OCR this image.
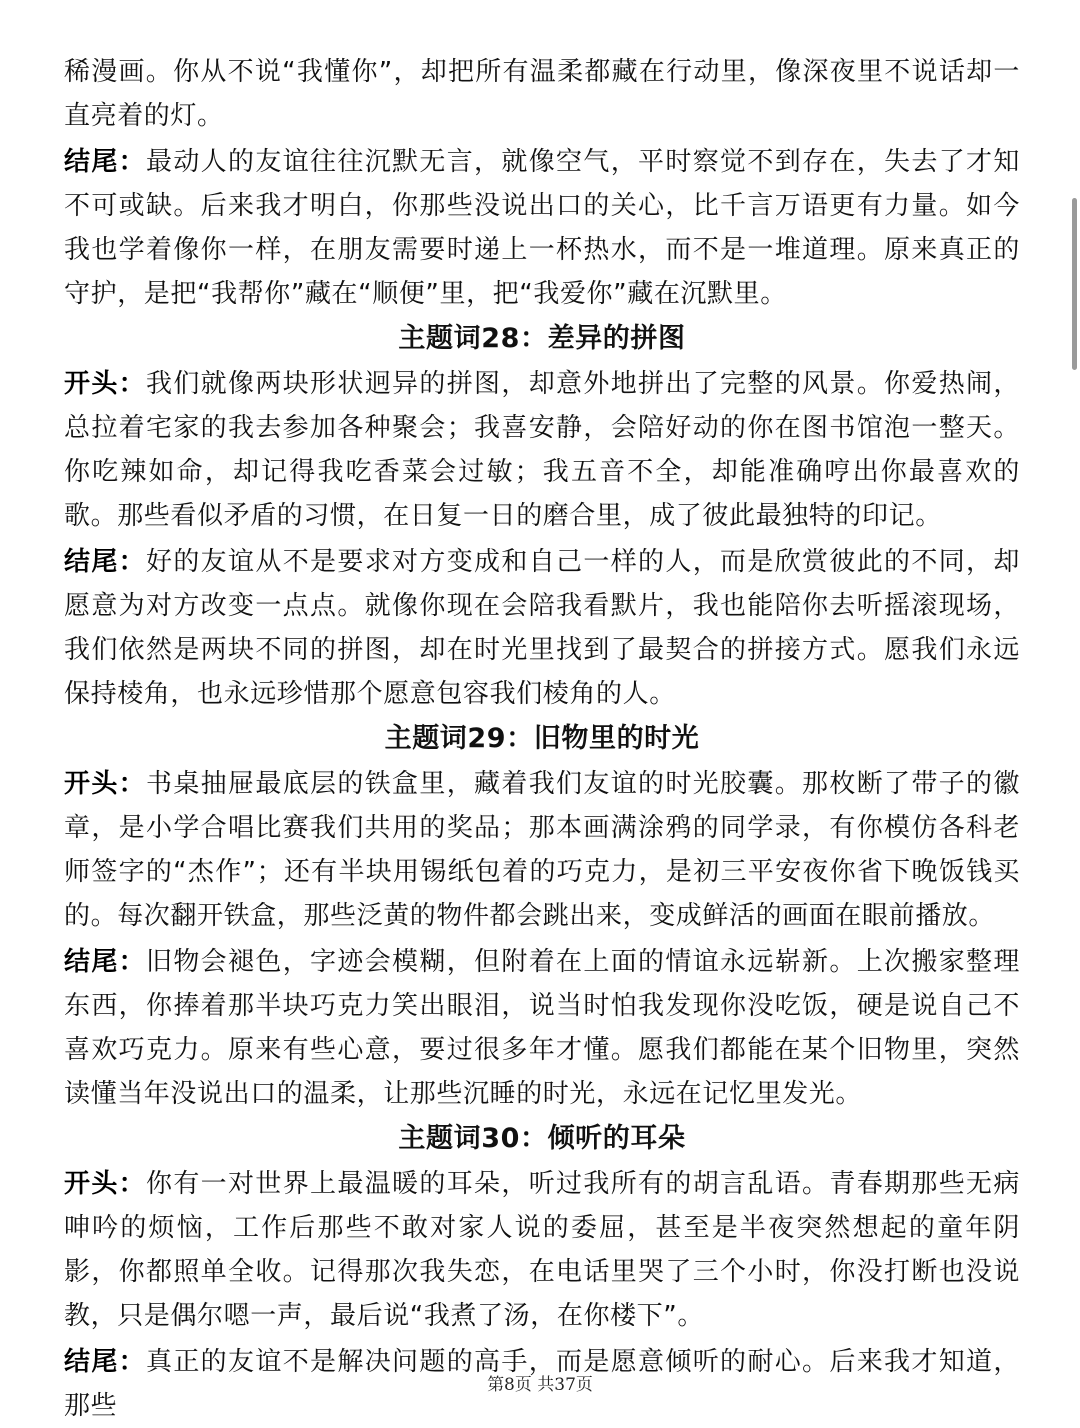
稀漫画。你从不说“我懂你”，却把所有温柔都藏在行动里，像深夜里不说话却一直亮着的灯。

结尾：最动人的友谊往往沉默无言，就像空气，平时察觉不到存在，失去了才知不可或缺。后来我才明白，你那些没说出口的关心，比千言万语更有力量。如今我也学着像你一样，在朋友需要时递上一杯热水，而不是一堆道理。原来真正的守护，是把“我帮你”藏在“顺便”里，把“我爱你”藏在沉默里。

主题词28：差异的拼图

开头：我们就像两块形状迥异的拼图，却意外地拼出了完整的风景。你爱热闹，总拉着宅家的我去参加各种聚会；我喜安静，会陪好动的你在图书馆泡一整天。你吃辣如命，却记得我吃香菜会过敏；我五音不全，却能准确哼出你最喜欢的歌。那些看似矛盾的习惯，在日复一日的磨合里，成了彼此最独特的印记。

结尾：好的友谊从不是要求对方变成和自己一样的人，而是欣赏彼此的不同，却愿意为对方改变一点点。就像你现在会陪我看默片，我也能陪你去听摇滚现场，我们依然是两块不同的拼图，却在时光里找到了最契合的拼接方式。愿我们永远保持棱角，也永远珍惜那个愿意包容我们棱角的人。

主题词29：旧物里的时光

开头：书桌抽屉最底层的铁盒里，藏着我们友谊的时光胶囊。那枚断了带子的徽章，是小学合唱比赛我们共用的奖品；那本画满涂鸦的同学录，有你模仿各科老师签字的“杰作”；还有半块用锡纸包着的巧克力，是初三平安夜你省下晚饭钱买的。每次翻开铁盒，那些泛黄的物件都会跳出来，变成鲜活的画面在眼前播放。

结尾：旧物会褪色，字迹会模糊，但附着在上面的情谊永远崭新。上次搬家整理东西，你捧着那半块巧克力笑出眼泪，说当时怕我发现你没吃饭，硬是说自己不喜欢巧克力。原来有些心意，要过很多年才懂。愿我们都能在某个旧物里，突然读懂当年没说出口的温柔，让那些沉睡的时光，永远在记忆里发光。

主题词30：倾听的耳朵

开头：你有一对世界上最温暖的耳朵，听过我所有的胡言乱语。青春期那些无病呻吟的烦恼，工作后那些不敢对家人说的委屈，甚至是半夜突然想起的童年阴影，你都照单全收。记得那次我失恋，在电话里哭了三个小时，你没打断也没说教，只是偶尔嗯一声，最后说“我煮了汤，在你楼下”。

结尾：真正的友谊不是解决问题的高手，而是愿意倾听的耐心。后来我才知道，那些

第8页 共37页
